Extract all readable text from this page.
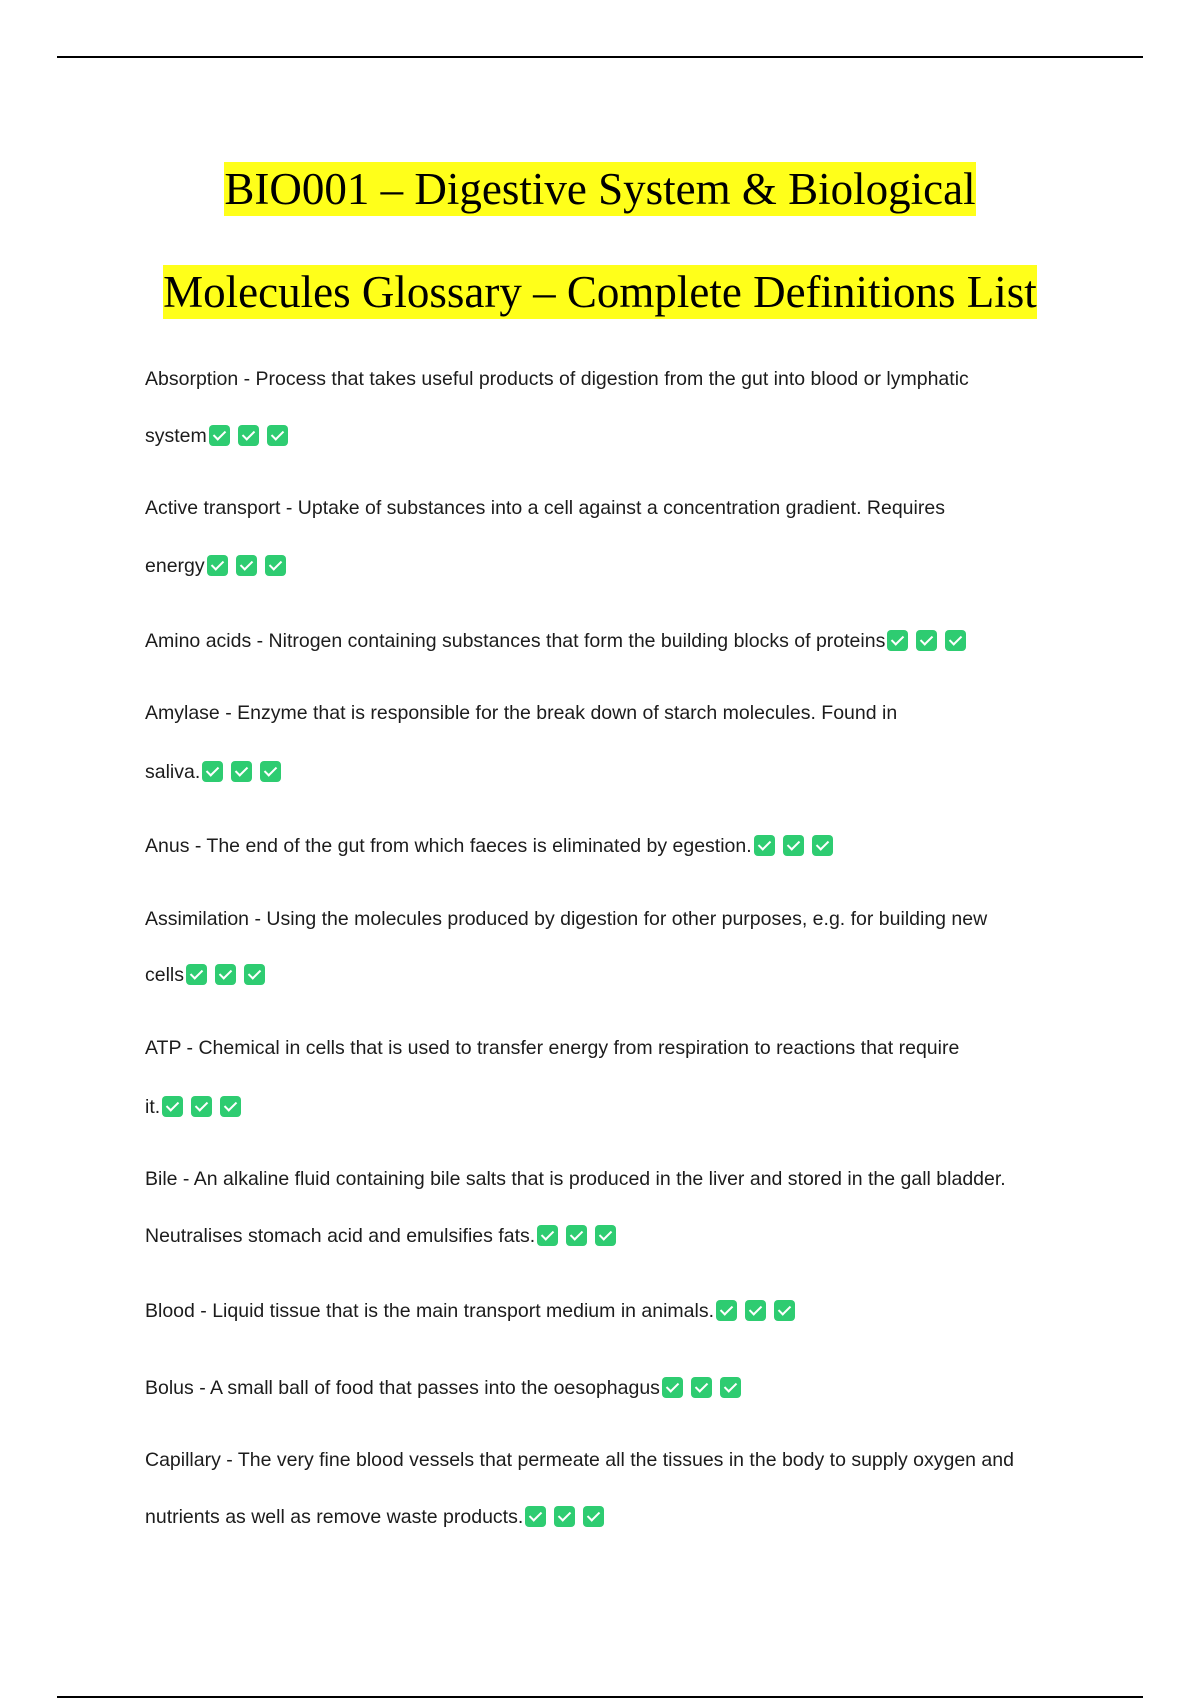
BIO001 – Digestive System & Biological
Molecules Glossary – Complete Definitions List
Absorption - Process that takes useful products of digestion from the gut into blood or lymphatic
system
Active transport - Uptake of substances into a cell against a concentration gradient. Requires
energy
Amino acids - Nitrogen containing substances that form the building blocks of proteins
Amylase - Enzyme that is responsible for the break down of starch molecules. Found in
saliva.
Anus - The end of the gut from which faeces is eliminated by egestion.
Assimilation - Using the molecules produced by digestion for other purposes, e.g. for building new
cells
ATP - Chemical in cells that is used to transfer energy from respiration to reactions that require
it.
Bile - An alkaline fluid containing bile salts that is produced in the liver and stored in the gall bladder.
Neutralises stomach acid and emulsifies fats.
Blood - Liquid tissue that is the main transport medium in animals.
Bolus - A small ball of food that passes into the oesophagus
Capillary - The very fine blood vessels that permeate all the tissues in the body to supply oxygen and
nutrients as well as remove waste products.
